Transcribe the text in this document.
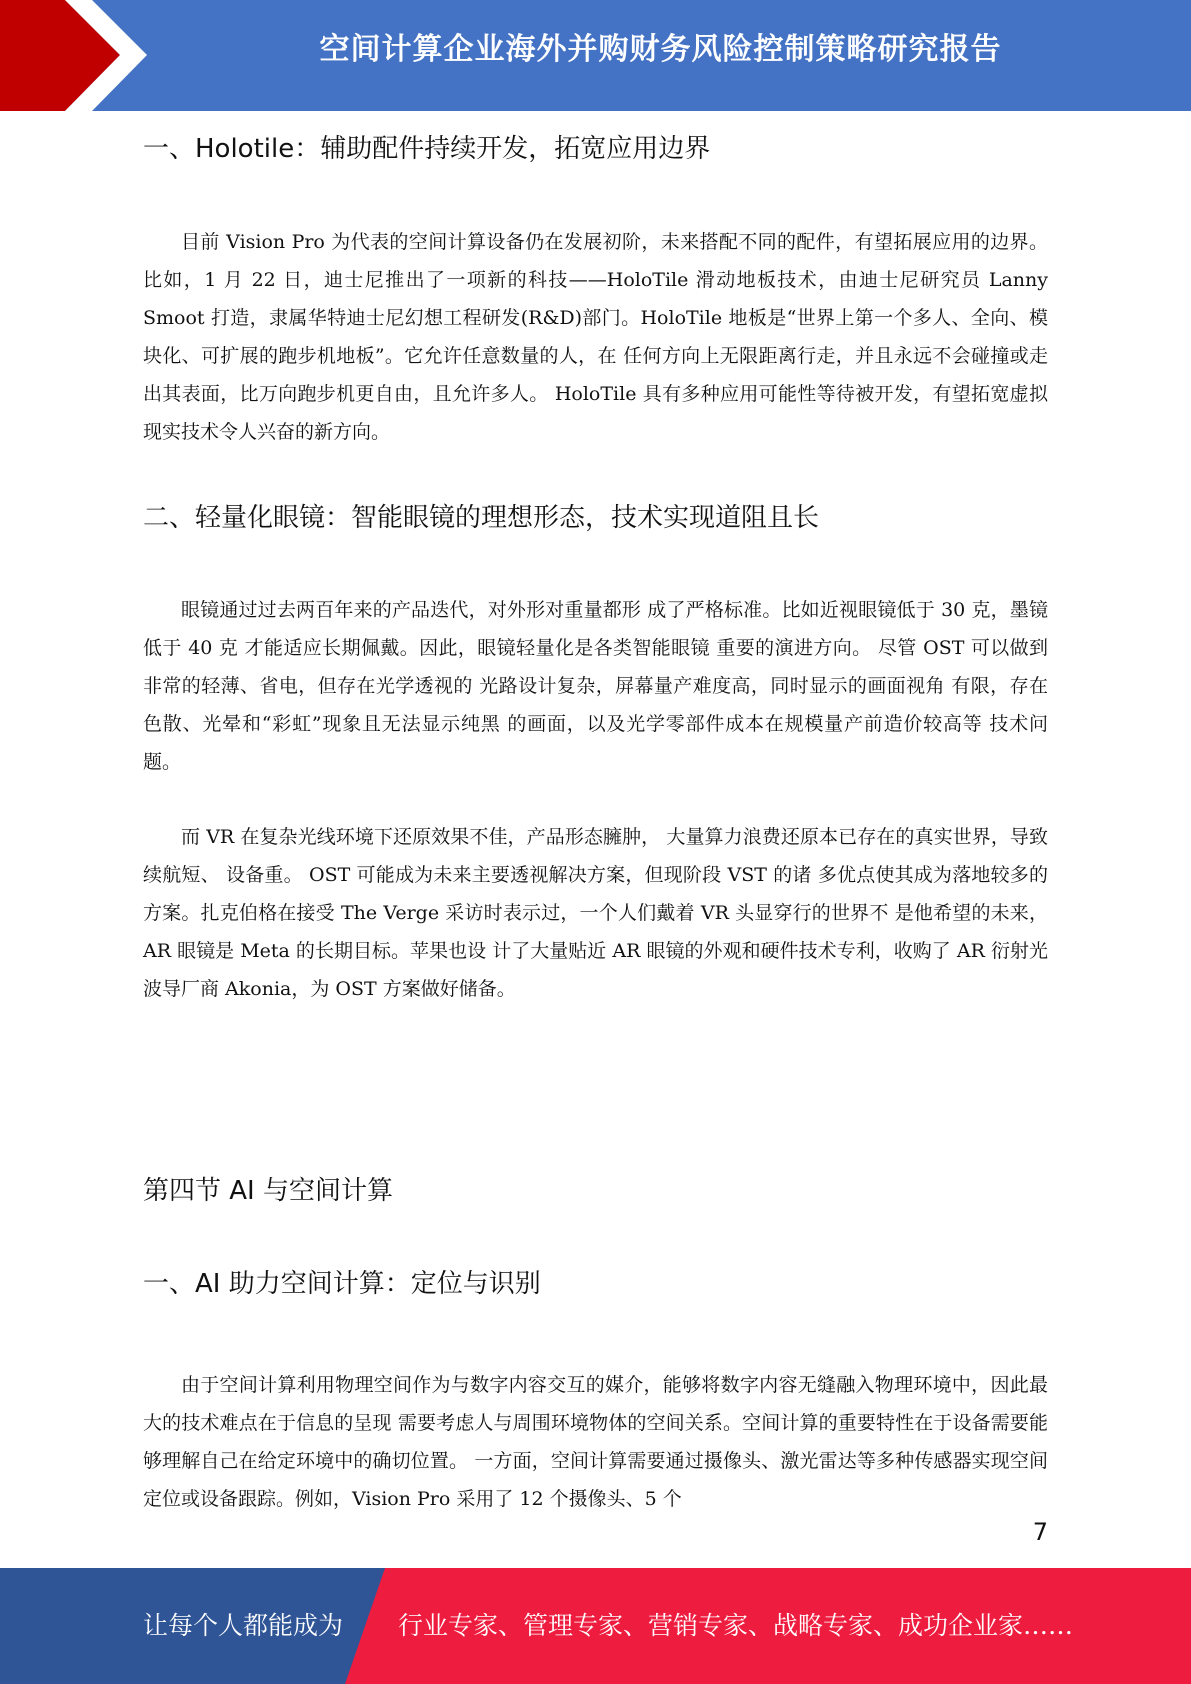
空间计算企业海外并购财务风险控制策略研究报告
一、Holotile：辅助配件持续开发，拓宽应用边界

目前 Vision Pro 为代表的空间计算设备仍在发展初阶，未来搭配不同的配件，有望拓展应用的边界。 比如，1 月 22 日，迪士尼推出了一项新的科技——HoloTile 滑动地板技术，由迪士尼研究员 Lanny Smoot 打造，隶属华特迪士尼幻想工程研发(R&D)部门。HoloTile 地板是“世界上第一个多人、全向、模块化、可扩展的跑步机地板”。它允许任意数量的人，在 任何方向上无限距离行走，并且永远不会碰撞或走出其表面，比万向跑步机更自由，且允许多人。 HoloTile 具有多种应用可能性等待被开发，有望拓宽虚拟现实技术令人兴奋的新方向。

二、轻量化眼镜：智能眼镜的理想形态，技术实现道阻且长

眼镜通过过去两百年来的产品迭代，对外形对重量都形 成了严格标准。比如近视眼镜低于 30 克，墨镜低于 40 克 才能适应长期佩戴。因此，眼镜轻量化是各类智能眼镜 重要的演进方向。 尽管 OST 可以做到非常的轻薄、省电，但存在光学透视的 光路设计复杂，屏幕量产难度高，同时显示的画面视角 有限，存在色散、光晕和“彩虹”现象且无法显示纯黑 的画面，以及光学零部件成本在规模量产前造价较高等 技术问题。

而 VR 在复杂光线环境下还原效果不佳，产品形态臃肿， 大量算力浪费还原本已存在的真实世界，导致续航短、 设备重。 OST 可能成为未来主要透视解决方案，但现阶段 VST 的诸 多优点使其成为落地较多的方案。扎克伯格在接受 The Verge 采访时表示过，一个人们戴着 VR 头显穿行的世界不 是他希望的未来，AR 眼镜是 Meta 的长期目标。苹果也设 计了大量贴近 AR 眼镜的外观和硬件技术专利，收购了 AR 衍射光波导厂商 Akonia，为 OST 方案做好储备。

第四节 AI 与空间计算
一、AI 助力空间计算：定位与识别

由于空间计算利用物理空间作为与数字内容交互的媒介，能够将数字内容无缝融入物理环境中，因此最大的技术难点在于信息的呈现 需要考虑人与周围环境物体的空间关系。空间计算的重要特性在于设备需要能够理解自己在给定环境中的确切位置。 一方面，空间计算需要通过摄像头、激光雷达等多种传感器实现空间定位或设备跟踪。例如，Vision Pro 采用了 12 个摄像头、5 个

7
让每个人都能成为 行业专家、管理专家、营销专家、战略专家、成功企业家……
